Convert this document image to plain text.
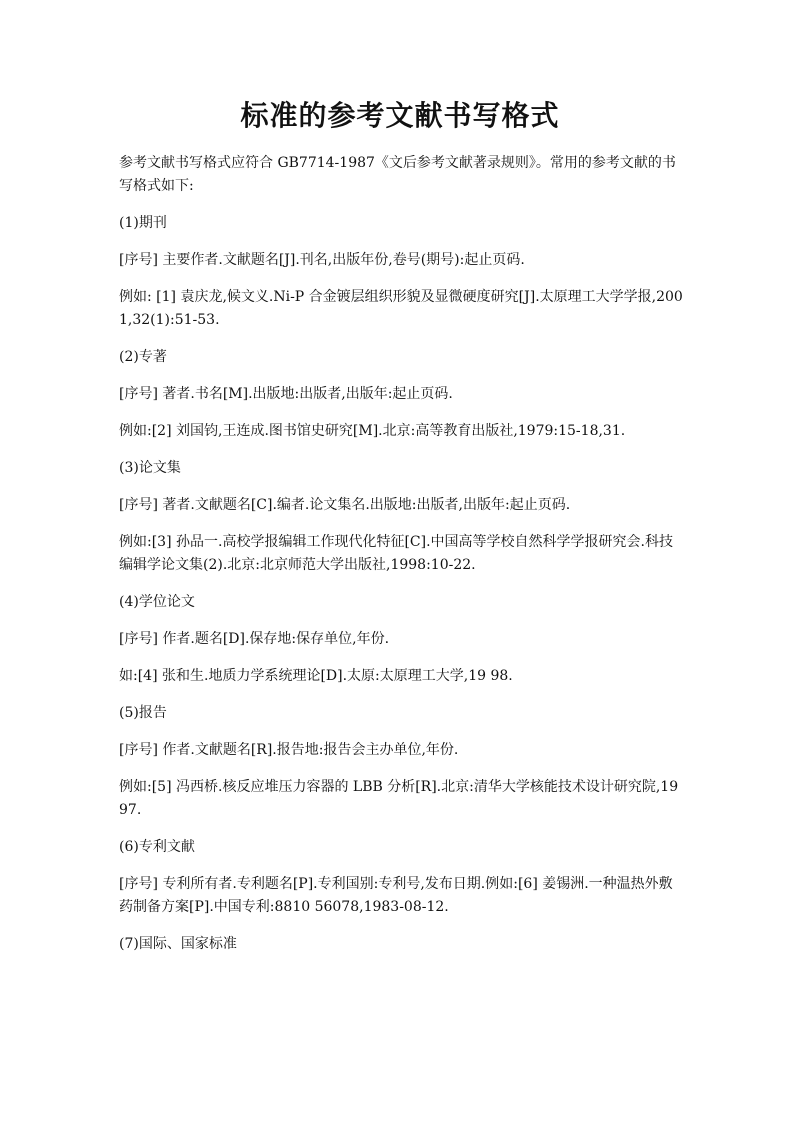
标准的参考文献书写格式

参考文献书写格式应符合 GB7714-1987《文后参考文献著录规则》。常用的参考文献的书写格式如下:

(1)期刊

[序号] 主要作者.文献题名[J].刊名,出版年份,卷号(期号):起止页码.

例如: [1] 袁庆龙,候文义.Ni-P 合金镀层组织形貌及显微硬度研究[J].太原理工大学学报,2001,32(1):51-53.

(2)专著

[序号] 著者.书名[M].出版地:出版者,出版年:起止页码.

例如:[2] 刘国钧,王连成.图书馆史研究[M].北京:高等教育出版社,1979:15-18,31.

(3)论文集

[序号] 著者.文献题名[C].编者.论文集名.出版地:出版者,出版年:起止页码.

例如:[3] 孙品一.高校学报编辑工作现代化特征[C].中国高等学校自然科学学报研究会.科技编辑学论文集(2).北京:北京师范大学出版社,1998:10-22.

(4)学位论文

[序号] 作者.题名[D].保存地:保存单位,年份.

如:[4] 张和生.地质力学系统理论[D].太原:太原理工大学,19 98.

(5)报告

[序号] 作者.文献题名[R].报告地:报告会主办单位,年份.

例如:[5] 冯西桥.核反应堆压力容器的 LBB 分析[R].北京:清华大学核能技术设计研究院,1997.

(6)专利文献

[序号] 专利所有者.专利题名[P].专利国别:专利号,发布日期.例如:[6] 姜锡洲.一种温热外敷药制备方案[P].中国专利:8810 56078,1983-08-12.

(7)国际、国家标准
